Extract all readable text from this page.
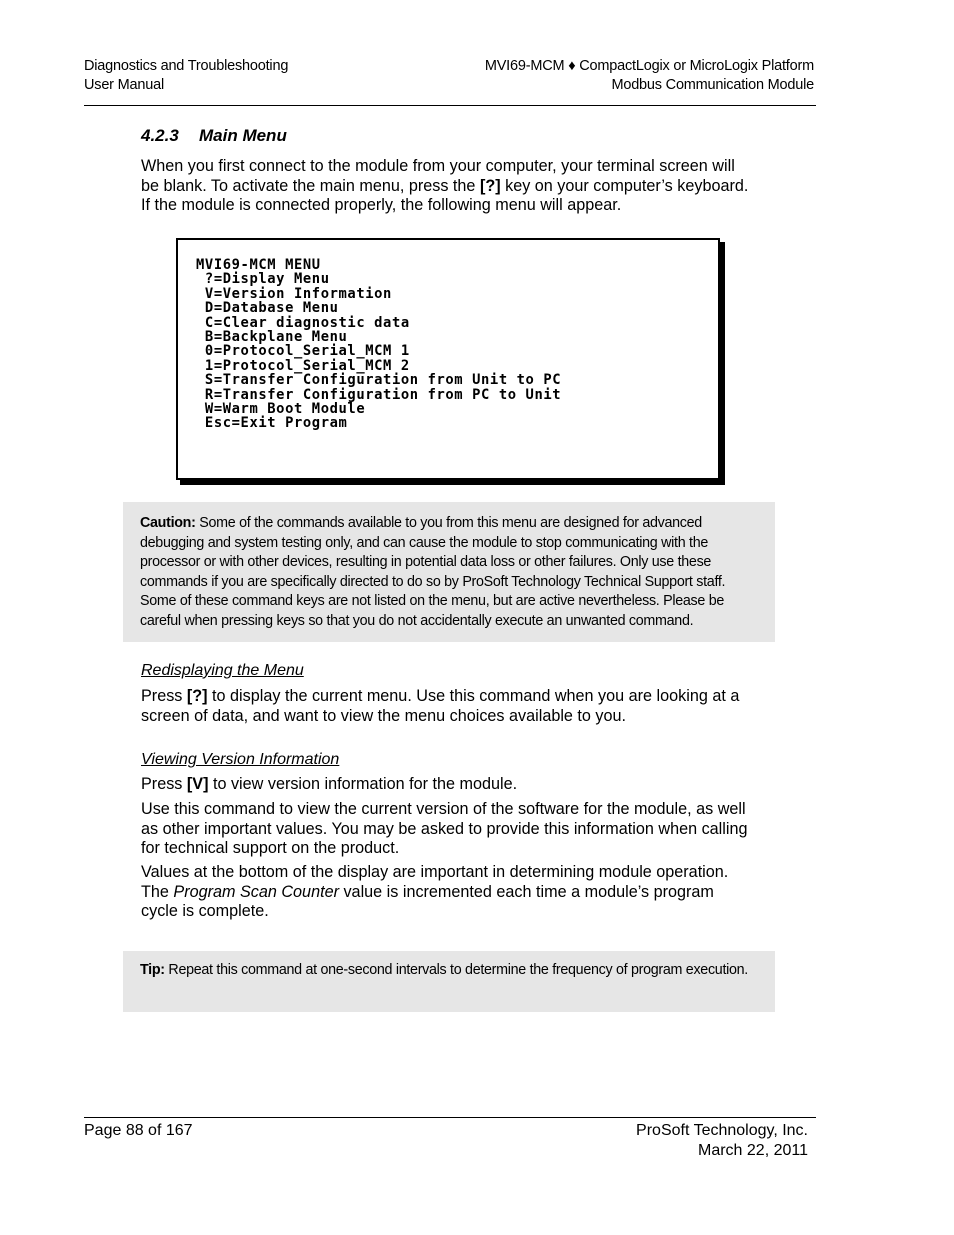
Diagnostics and Troubleshooting
User Manual
MVI69-MCM ♦ CompactLogix or MicroLogix Platform
Modbus Communication Module
4.2.3 Main Menu

When you first connect to the module from your computer, your terminal screen will be blank. To activate the main menu, press the [?] key on your computer’s keyboard. If the module is connected properly, the following menu will appear.

MVI69-MCM MENU
?=Display Menu
V=Version Information
D=Database Menu
C=Clear diagnostic data
B=Backplane Menu
0=Protocol_Serial_MCM 1
1=Protocol_Serial_MCM 2
S=Transfer Configuration from Unit to PC
R=Transfer Configuration from PC to Unit
W=Warm Boot Module
Esc=Exit Program
Caution: Some of the commands available to you from this menu are designed for advanced debugging and system testing only, and can cause the module to stop communicating with the processor or with other devices, resulting in potential data loss or other failures. Only use these commands if you are specifically directed to do so by ProSoft Technology Technical Support staff. Some of these command keys are not listed on the menu, but are active nevertheless. Please be careful when pressing keys so that you do not accidentally execute an unwanted command.
Redisplaying the Menu

Press [?] to display the current menu. Use this command when you are looking at a screen of data, and want to view the menu choices available to you.

Viewing Version Information

Press [V] to view version information for the module.

Use this command to view the current version of the software for the module, as well as other important values. You may be asked to provide this information when calling for technical support on the product.

Values at the bottom of the display are important in determining module operation. The Program Scan Counter value is incremented each time a module’s program cycle is complete.

Tip: Repeat this command at one-second intervals to determine the frequency of program execution.
Page 88 of 167	ProSoft Technology, Inc.
March 22, 2011
